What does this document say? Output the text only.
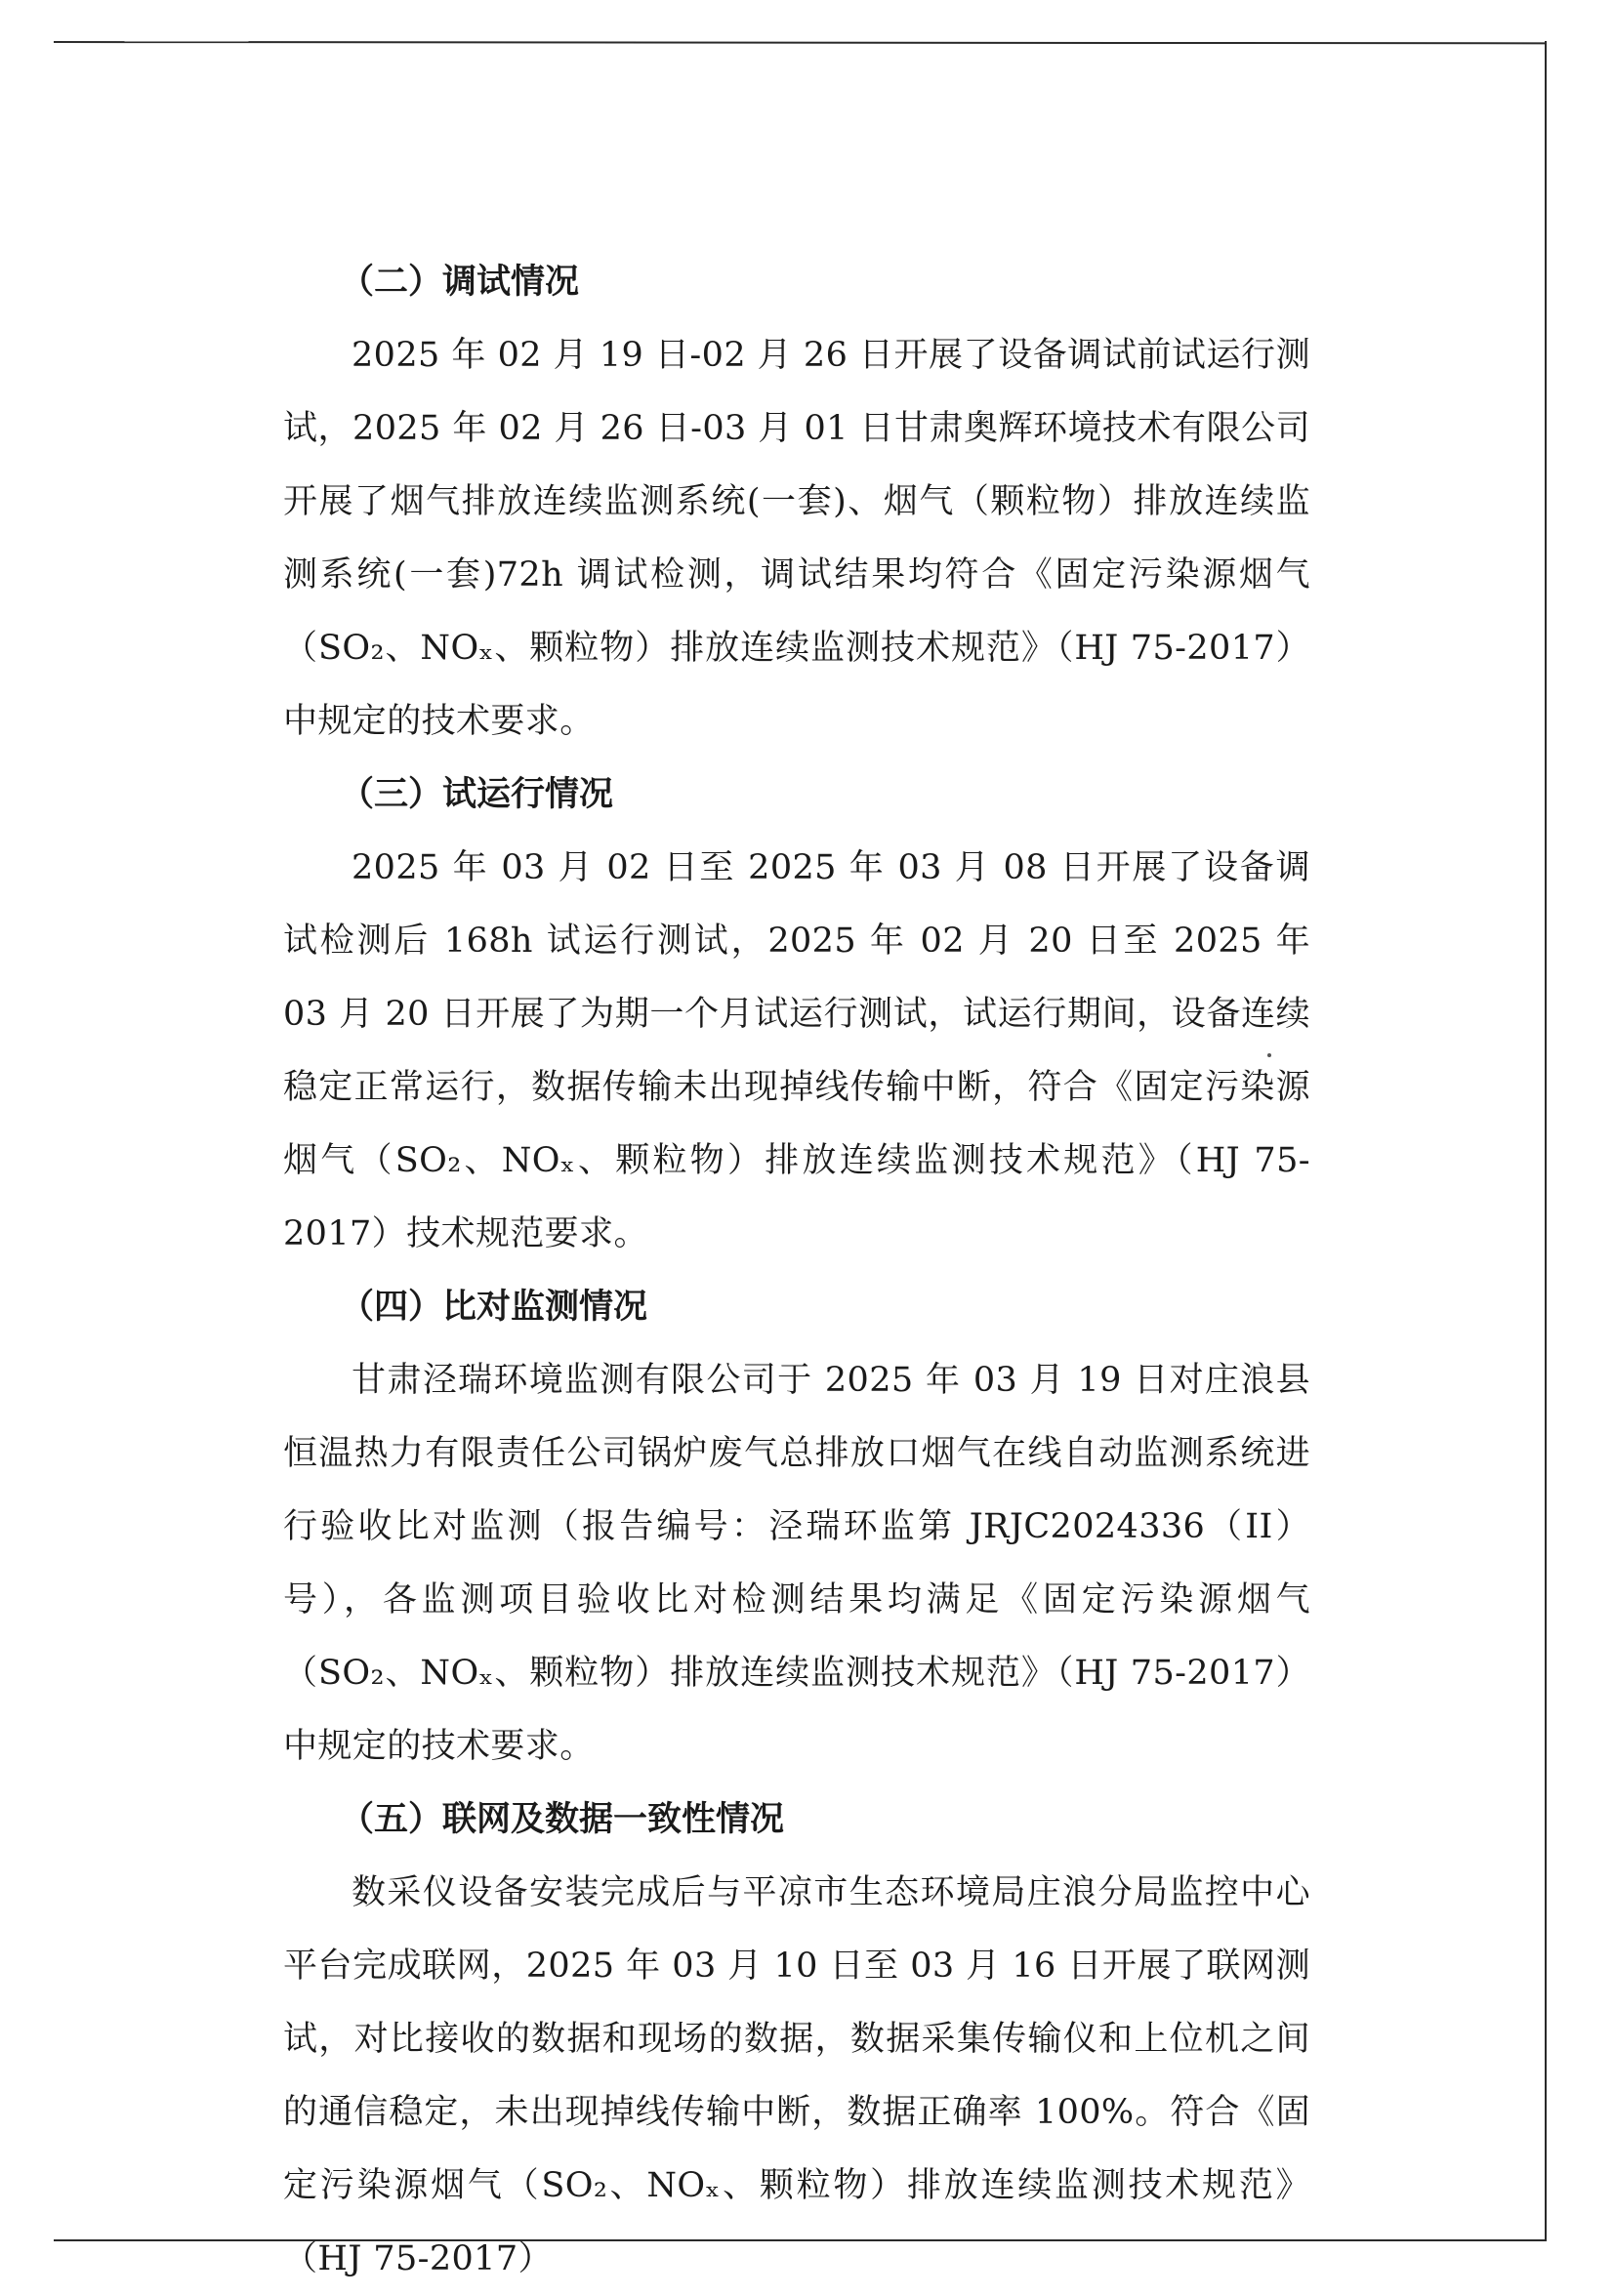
（二）调试情况

2025 年 02 月 19 日-02 月 26 日开展了设备调试前试运行测试，2025 年 02 月 26 日-03 月 01 日甘肃奥辉环境技术有限公司开展了烟气排放连续监测系统(一套)、烟气（颗粒物）排放连续监测系统(一套)72h 调试检测，调试结果均符合《固定污染源烟气（SO₂、NOₓ、颗粒物）排放连续监测技术规范》（HJ 75-2017）中规定的技术要求。

（三）试运行情况

2025 年 03 月 02 日至 2025 年 03 月 08 日开展了设备调试检测后 168h 试运行测试，2025 年 02 月 20 日至 2025 年 03 月 20 日开展了为期一个月试运行测试，试运行期间，设备连续稳定正常运行，数据传输未出现掉线传输中断，符合《固定污染源烟气（SO₂、NOₓ、颗粒物）排放连续监测技术规范》（HJ 75-2017）技术规范要求。

（四）比对监测情况

甘肃泾瑞环境监测有限公司于 2025 年 03 月 19 日对庄浪县恒温热力有限责任公司锅炉废气总排放口烟气在线自动监测系统进行验收比对监测（报告编号：泾瑞环监第 JRJC2024336（II）号），各监测项目验收比对检测结果均满足《固定污染源烟气（SO₂、NOₓ、颗粒物）排放连续监测技术规范》（HJ 75-2017）中规定的技术要求。

（五）联网及数据一致性情况

数采仪设备安装完成后与平凉市生态环境局庄浪分局监控中心平台完成联网，2025 年 03 月 10 日至 03 月 16 日开展了联网测试，对比接收的数据和现场的数据，数据采集传输仪和上位机之间的通信稳定，未出现掉线传输中断，数据正确率 100%。符合《固定污染源烟气（SO₂、NOₓ、颗粒物）排放连续监测技术规范》（HJ 75-2017）
